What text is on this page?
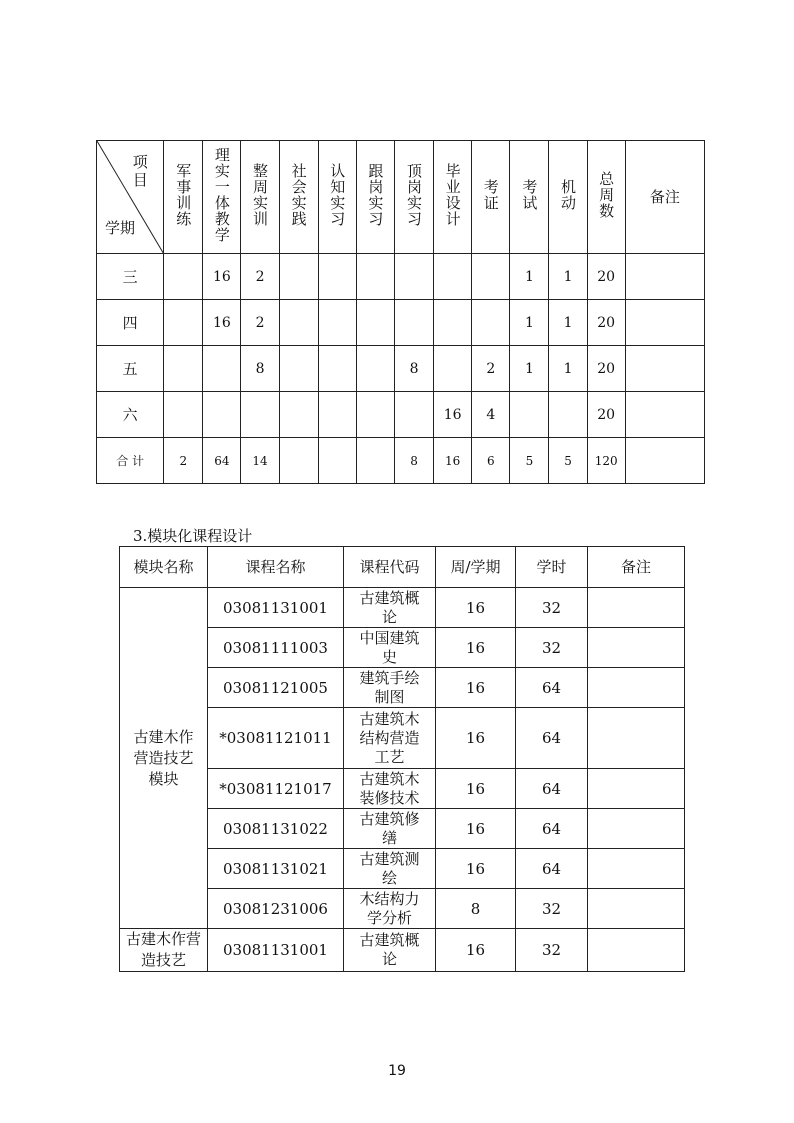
项目
学期	军事训练	理实一体教学	整周实训	社会实践	认知实习	跟岗实习	顶岗实习	毕业设计	考证	考试	机动	总周数	备注
三		16	2							1	1	20	
四		16	2							1	1	20	
五			8				8		2	1	1	20	
六								16	4			20	
合 计	2	64	14				8	16	6	5	5	120	
3.模块化课程设计
模块名称	课程名称	课程代码	周/学期	学时	备注
古建木作营造技艺模块	03081131001	古建筑概论	16	32	
	03081111003	中国建筑史	16	32	
	03081121005	建筑手绘制图	16	64	
	*03081121011	古建筑木结构营造工艺	16	64	
	*03081121017	古建筑木装修技术	16	64	
	03081131022	古建筑修缮	16	64	
	03081131021	古建筑测绘	16	64	
	03081231006	木结构力学分析	8	32	
古建木作营造技艺	03081131001	古建筑概论	16	32	
19
